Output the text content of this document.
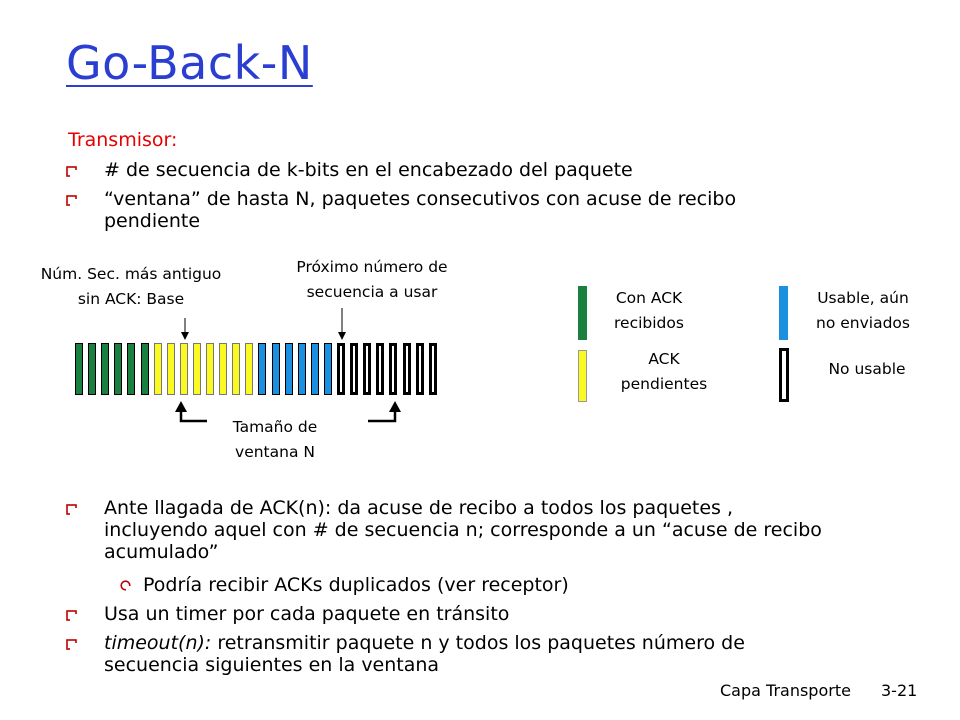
Go-Back-N
Transmisor:
# de secuencia de k-bits en el encabezado del paquete
“ventana” de hasta N, paquetes consecutivos con acuse de recibo
pendiente
Núm. Sec. más antiguo
sin ACK: Base
Próximo número de
secuencia a usar
Tamaño de
ventana N
Con ACK
recibidos
ACK
pendientes
Usable, aún
no enviados
No usable
Ante llagada de ACK(n): da acuse de recibo a todos los paquetes ,
incluyendo aquel con # de secuencia n; corresponde a un “acuse de recibo
acumulado”
Podría recibir ACKs duplicados (ver receptor)
Usa un timer por cada paquete en tránsito
timeout(n): retransmitir paquete n y todos los paquetes número de
secuencia siguientes en la ventana
Capa Transporte 3-21
